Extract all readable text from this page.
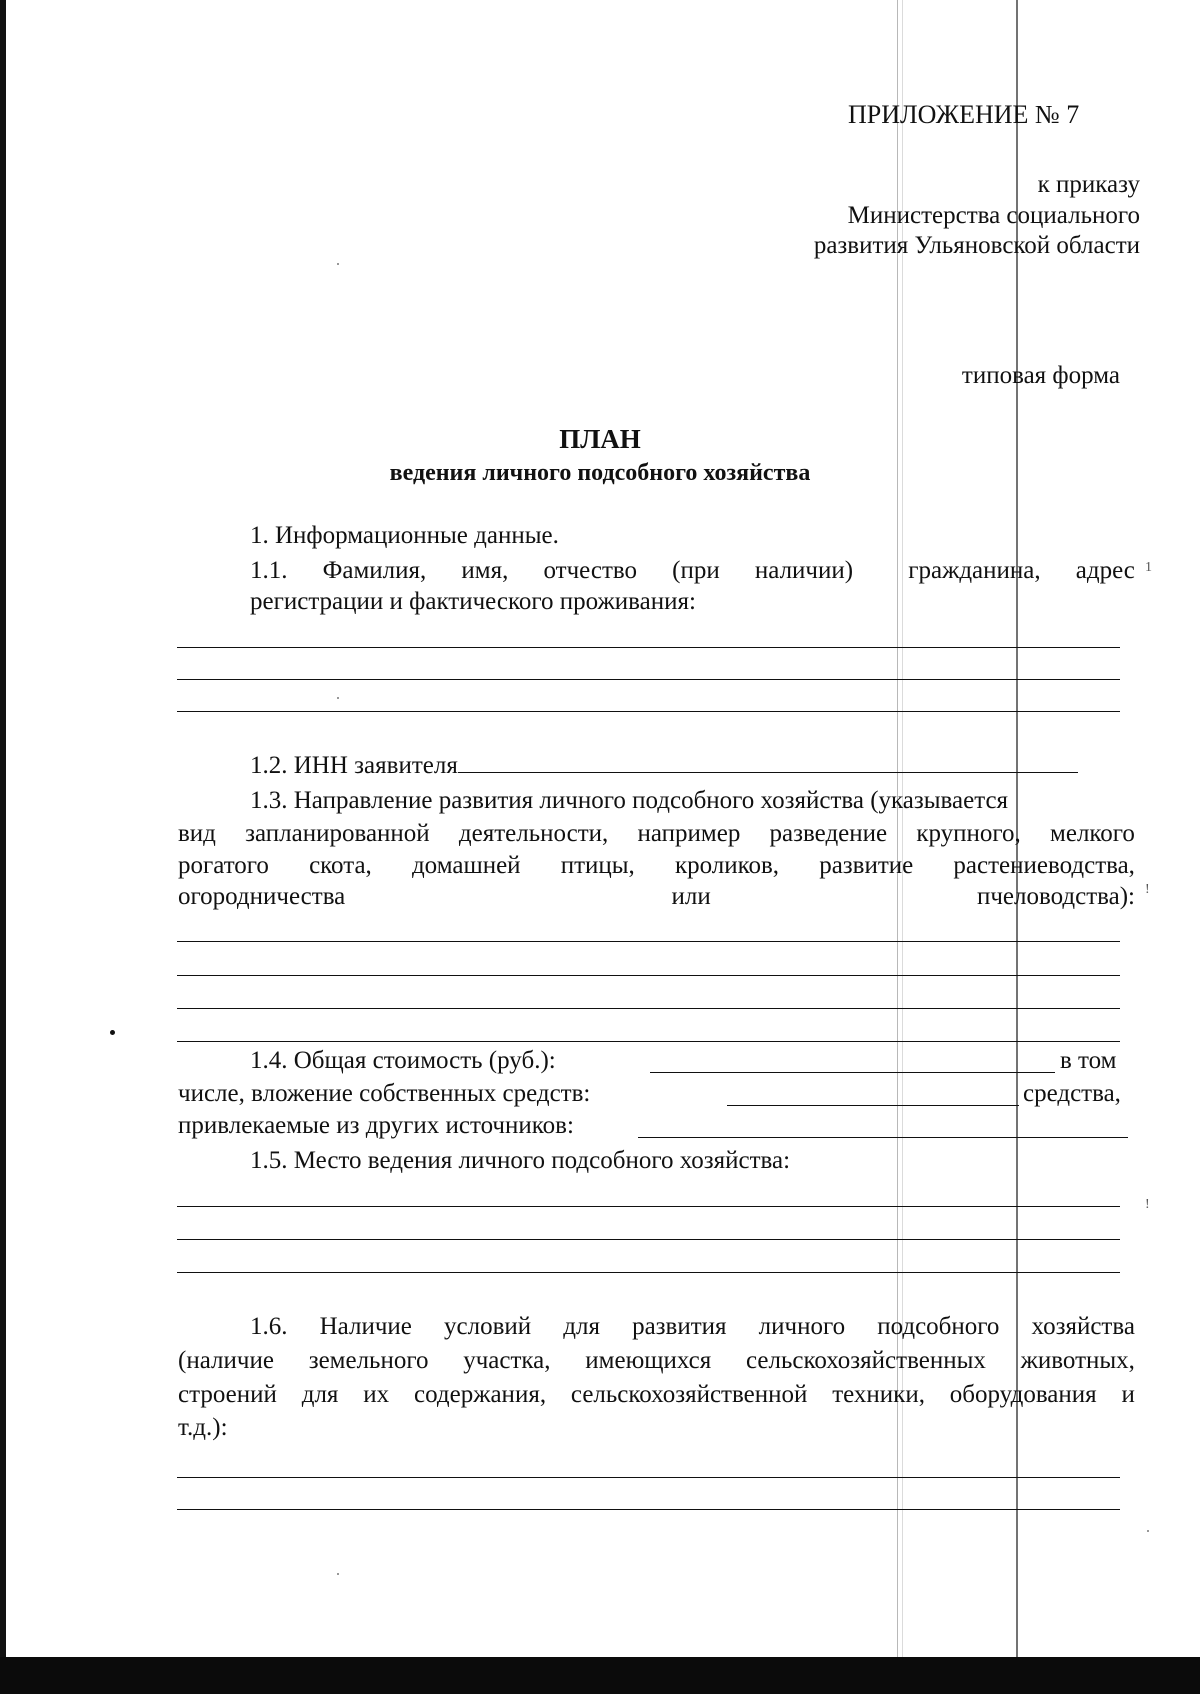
1
!
!
ПРИЛОЖЕНИЕ № 7
к приказу
Министерства социального
развития Ульяновской области
типовая форма
ПЛАН
ведения личного подсобного хозяйства
1. Информационные данные.
1.1. Фамилия, имя, отчество (при наличии) гражданина, адрес
регистрации и фактического проживания:
1.2. ИНН заявителя
1.3. Направление развития личного подсобного хозяйства (указывается
вид запланированной деятельности, например разведение крупного, мелкого
рогатого скота, домашней птицы, кроликов, развитие растениеводства,
огородничества	или	пчеловодства):
1.4. Общая стоимость (руб.):	в том
числе, вложение собственных средств:	средства,
привлекаемые из других источников:
1.5. Место ведения личного подсобного хозяйства:
1.6. Наличие условий для развития личного подсобного хозяйства
(наличие земельного участка, имеющихся сельскохозяйственных животных,
строений для их содержания, сельскохозяйственной техники, оборудования и
т.д.):
